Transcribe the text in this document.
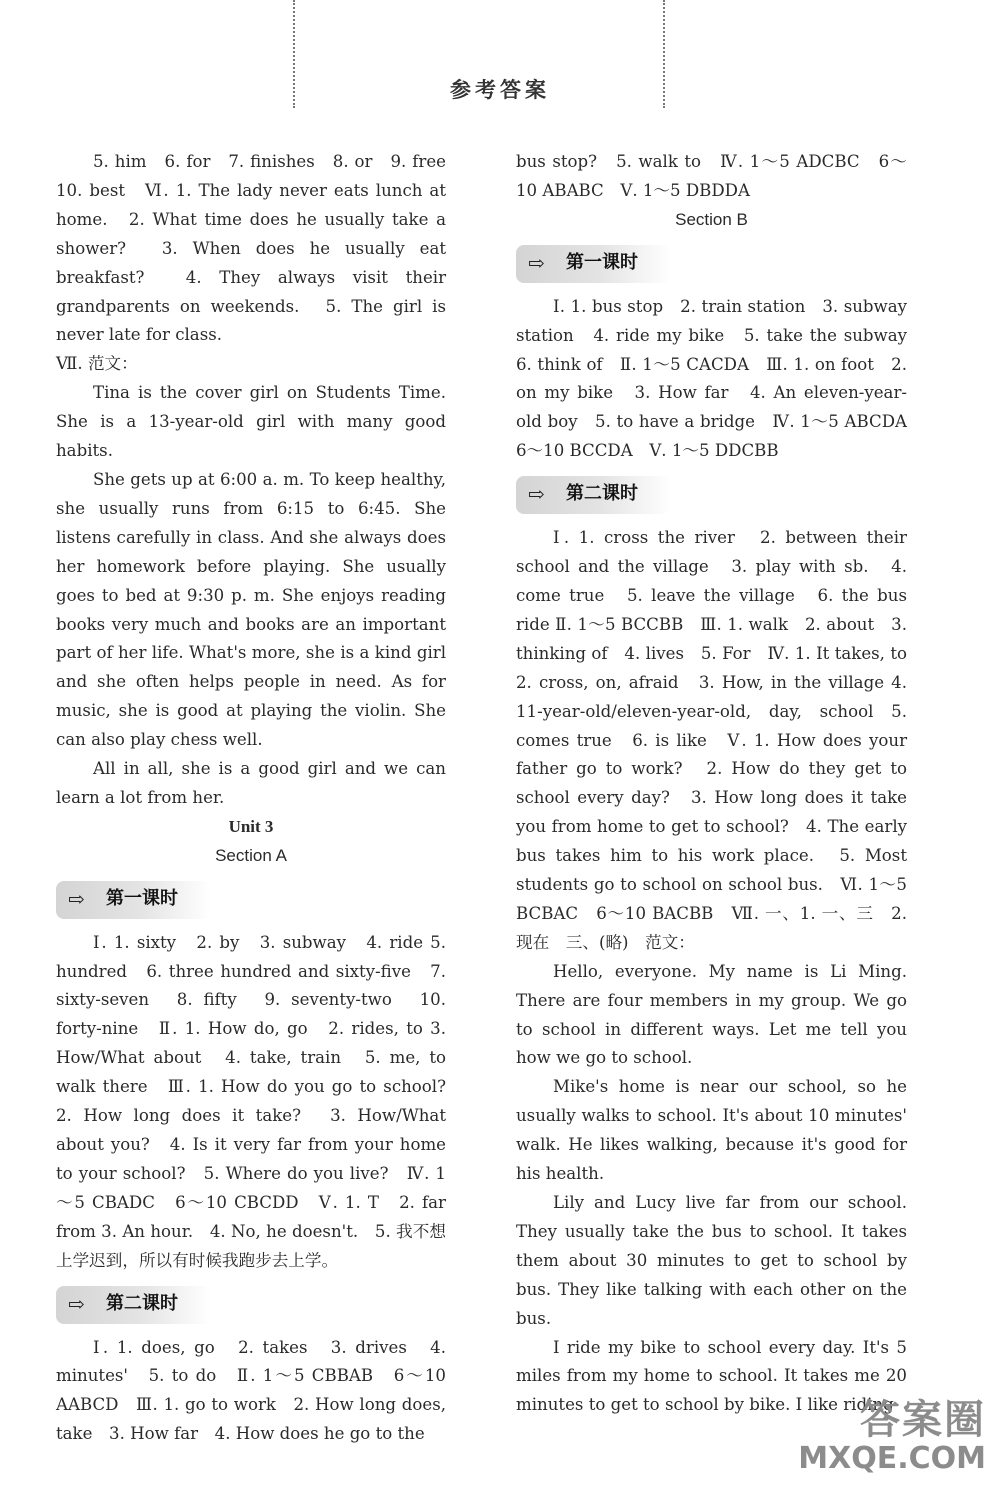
参考答案

5. him　6. for　7. finishes　8. or　9. free 10. best　Ⅵ. 1. The lady never eats lunch at home.　2. What time does he usually take a shower?　3. When does he usually eat breakfast?　4. They always visit their grandparents on weekends.　5. The girl is never late for class.

Ⅶ. 范文：

Tina is the cover girl on Students Time. She is a 13-year-old girl with many good habits.

She gets up at 6:00 a. m. To keep healthy, she usually runs from 6:15 to 6:45. She listens carefully in class. And she always does her homework before playing. She usually goes to bed at 9:30 p. m. She enjoys reading books very much and books are an important part of her life. What's more, she is a kind girl and she often helps people in need. As for music, she is good at playing the violin. She can also play chess well.

All in all, she is a good girl and we can learn a lot from her.

Unit 3

Section A

⇨ 第一课时

Ⅰ. 1. sixty　2. by　3. subway　4. ride 5. hundred　6. three hundred and sixty-five　7. sixty-seven　8. fifty　9. seventy-two　10. forty-nine　Ⅱ. 1. How do, go　2. rides, to 3. How/What about　4. take, train　5. me, to walk there　Ⅲ. 1. How do you go to school? 2. How long does it take?　3. How/What about you?　4. Is it very far from your home to your school?　5. Where do you live?　Ⅳ. 1～5 CBADC　6～10 CBCDD　Ⅴ. 1. T　2. far from 3. An hour.　4. No, he doesn't.　5. 我不想上学迟到，所以有时候我跑步去上学。

⇨ 第二课时

Ⅰ. 1. does, go　2. takes　3. drives　4. minutes'　5. to do　Ⅱ. 1～5 CBBAB　6～10 AABCD　Ⅲ. 1. go to work　2. How long does, take　3. How far　4. How does he go to the

bus stop?　5. walk to　Ⅳ. 1～5 ADCBC　6～10 ABABC　Ⅴ. 1～5 DBDDA

Section B

⇨ 第一课时

Ⅰ. 1. bus stop　2. train station　3. subway station　4. ride my bike　5. take the subway　6. think of　Ⅱ. 1～5 CACDA　Ⅲ. 1. on foot　2. on my bike　3. How far　4. An eleven-year-old boy　5. to have a bridge　Ⅳ. 1～5 ABCDA　6～10 BCCDA　Ⅴ. 1～5 DDCBB

⇨ 第二课时

Ⅰ. 1. cross the river　2. between their school and the village　3. play with sb.　4. come true　5. leave the village　6. the bus ride Ⅱ. 1～5 BCCBB　Ⅲ. 1. walk　2. about　3. thinking of　4. lives　5. For　Ⅳ. 1. It takes, to　2. cross, on, afraid　3. How, in the village 4. 11-year-old/eleven-year-old, day, school 5. comes true　6. is like　Ⅴ. 1. How does your father go to work?　2. How do they get to school every day?　3. How long does it take you from home to get to school?　4. The early bus takes him to his work place.　5. Most students go to school on school bus.　Ⅵ. 1～5 BCBAC　6～10 BACBB　Ⅶ. 一、1. 一、三　2. 现在　三、(略)　范文：

Hello, everyone. My name is Li Ming. There are four members in my group. We go to school in different ways. Let me tell you how we go to school.

Mike's home is near our school, so he usually walks to school. It's about 10 minutes' walk. He likes walking, because it's good for his health.

Lily and Lucy live far from our school. They usually take the bus to school. It takes them about 30 minutes to get to school by bus. They like talking with each other on the bus.

I ride my bike to school every day. It's 5 miles from my home to school. It takes me 20 minutes to get to school by bike. I like riding

答案圈
MXQE.COM
